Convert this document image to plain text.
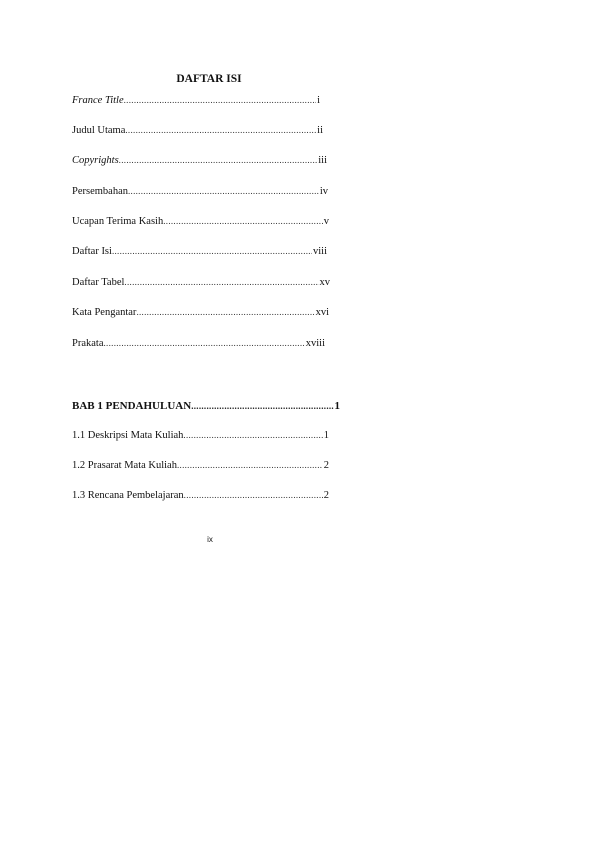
DAFTAR ISI
France Title .....	i
Judul Utama .....	ii
Copyrights .....	iii
Persembahan .....	iv
Ucapan Terima Kasih .....	v
Daftar Isi .....	viii
Daftar Tabel .....	xv
Kata Pengantar .....	xvi
Prakata .....	xviii
BAB 1 PENDAHULUAN .....	1
1.1 Deskripsi Mata Kuliah .....	1
1.2 Prasarat Mata Kuliah .....	2
1.3 Rencana Pembelajaran .....	2
ix
